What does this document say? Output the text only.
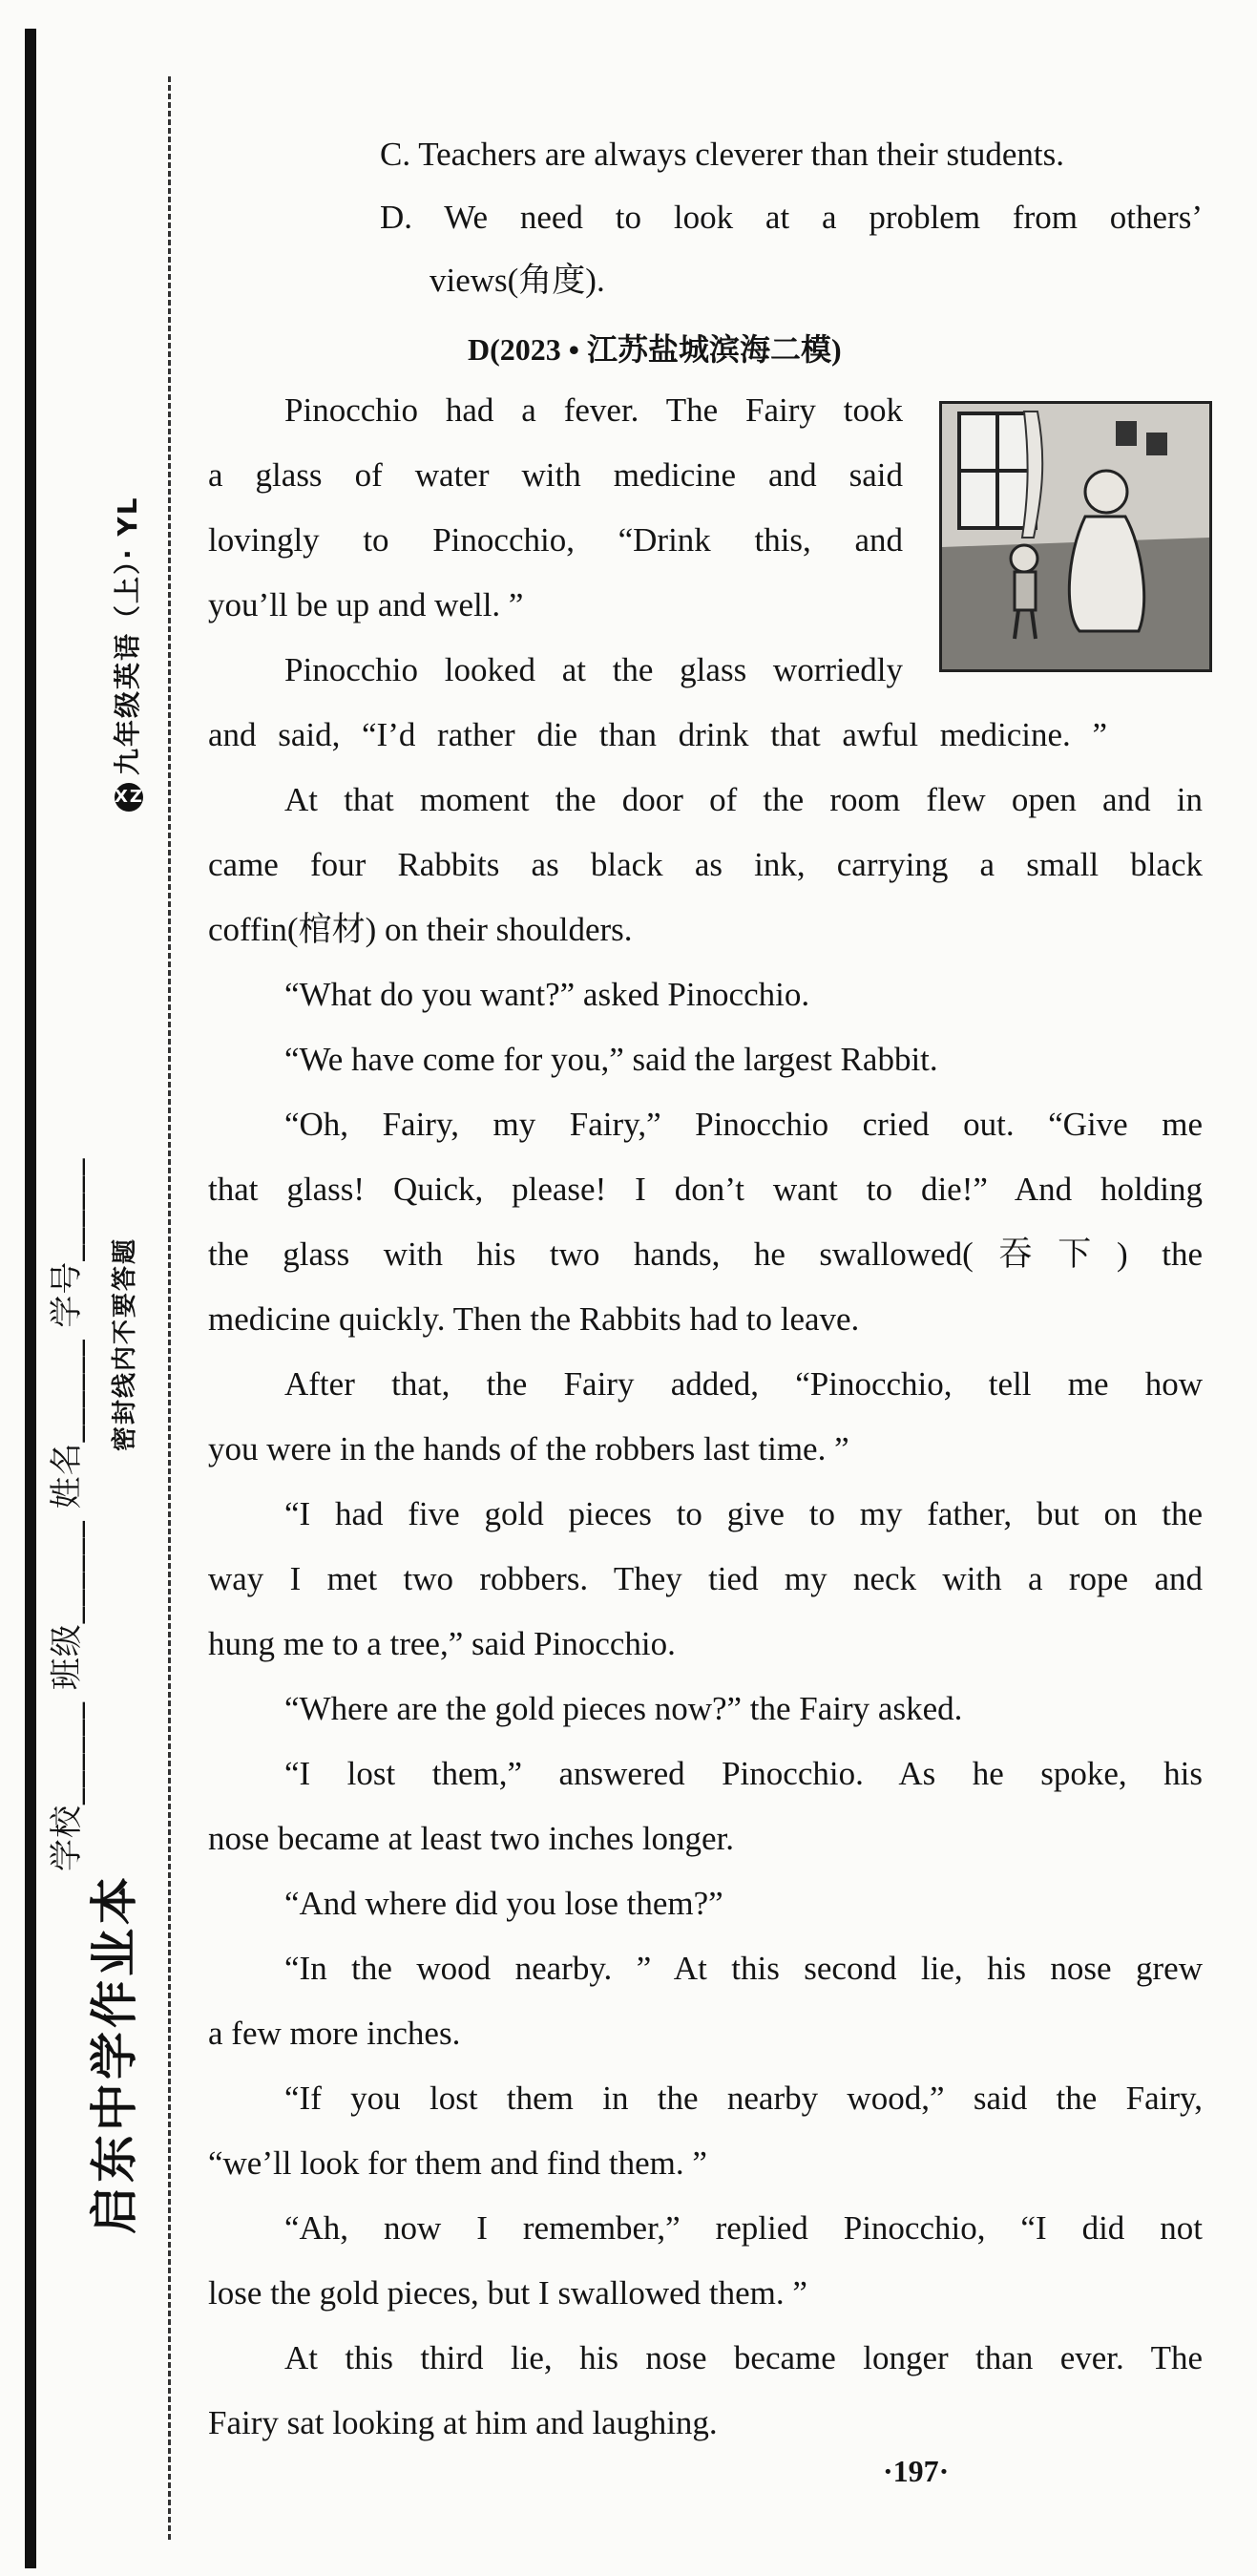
启东中学作业本
学校______ 班级______ 姓名______ 学号______ 密封线内不要答题
XZ九年级英语（上）· YL
C. Teachers are always cleverer than their students.
D. We need to look at a problem from others’
views(角度).
D(2023 • 江苏盐城滨海二模)
·197·
Pinocchio had a fever. The Fairy took
a glass of water with medicine and said
lovingly to Pinocchio, “Drink this, and
you’ll be up and well. ”
Pinocchio looked at the glass worriedly
and said, “I’d rather die than drink that awful medicine. ”
At that moment the door of the room flew open and in
came four Rabbits as black as ink, carrying a small black
coffin(棺材) on their shoulders.
“What do you want?” asked Pinocchio.
“We have come for you,” said the largest Rabbit.
“Oh, Fairy, my Fairy,” Pinocchio cried out. “Give me
that glass! Quick, please! I don’t want to die!” And holding
the glass with his two hands, he swallowed(吞下) the
medicine quickly. Then the Rabbits had to leave.
After that, the Fairy added, “Pinocchio, tell me how
you were in the hands of the robbers last time. ”
“I had five gold pieces to give to my father, but on the
way I met two robbers. They tied my neck with a rope and
hung me to a tree,” said Pinocchio.
“Where are the gold pieces now?” the Fairy asked.
“I lost them,” answered Pinocchio. As he spoke, his
nose became at least two inches longer.
“And where did you lose them?”
“In the wood nearby. ” At this second lie, his nose grew
a few more inches.
“If you lost them in the nearby wood,” said the Fairy,
“we’ll look for them and find them. ”
“Ah, now I remember,” replied Pinocchio, “I did not
lose the gold pieces, but I swallowed them. ”
At this third lie, his nose became longer than ever. The
Fairy sat looking at him and laughing.
